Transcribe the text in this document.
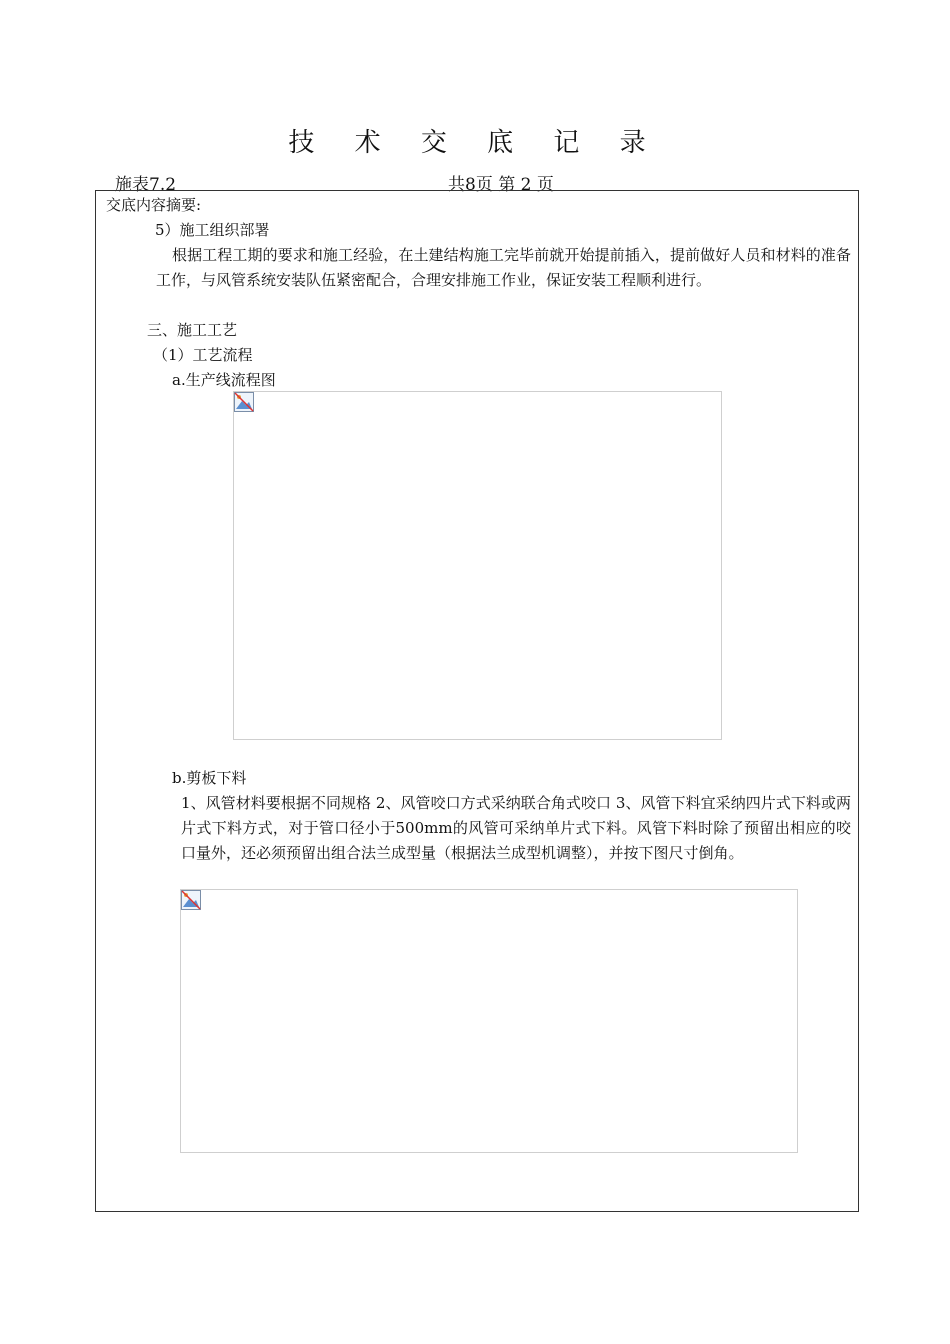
技 术 交 底 记 录
施表7.2	共8页 第 2 页
交底内容摘要:
5）施工组织部署
根据工程工期的要求和施工经验，在土建结构施工完毕前就开始提前插入，提前做好人员和材料的准备工作，与风管系统安装队伍紧密配合，合理安排施工作业，保证安装工程顺利进行。
三、施工工艺
（1）工艺流程
a.生产线流程图
b.剪板下料
1、风管材料要根据不同规格 2、风管咬口方式采纳联合角式咬口 3、风管下料宜采纳四片式下料或两片式下料方式，对于管口径小于500mm的风管可采纳单片式下料。风管下料时除了预留出相应的咬口量外，还必须预留出组合法兰成型量（根据法兰成型机调整），并按下图尺寸倒角。
